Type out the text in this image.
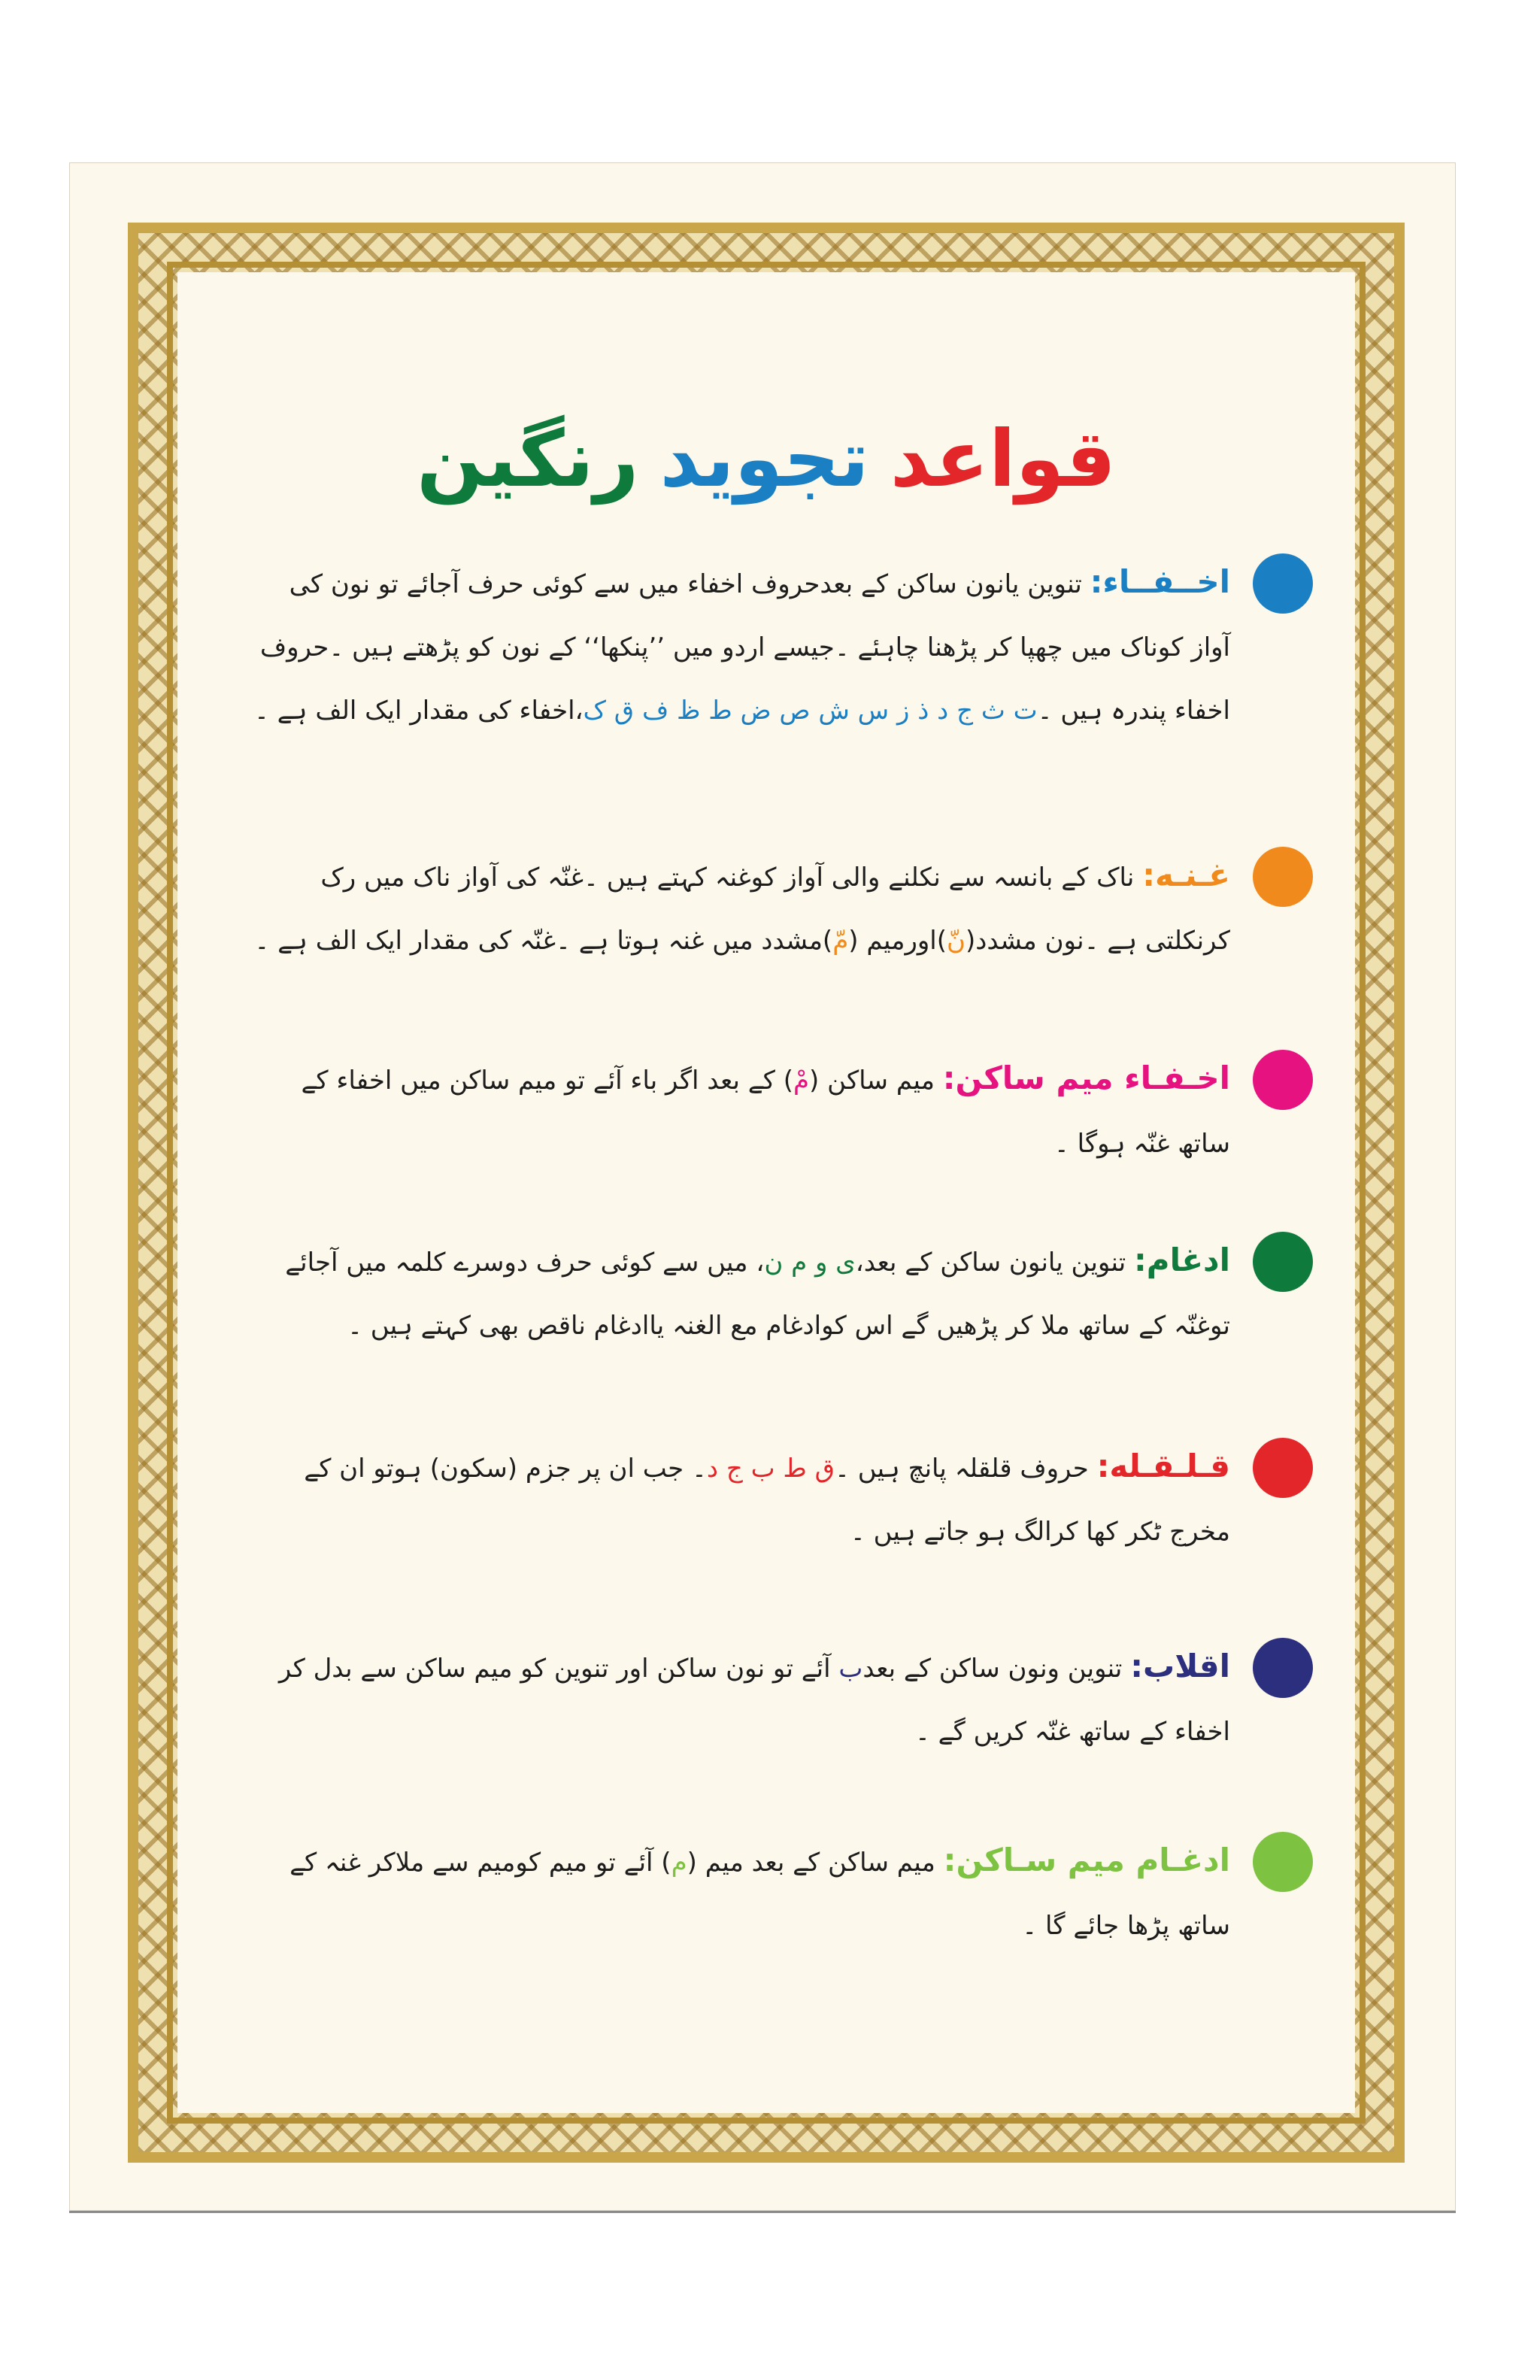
قواعدتجویدرنگین
اخــفــاء: تنوین یانون ساکن کے بعدحروف اخفاء میں سے کوئی حرف آجائے تو نون کی آواز کوناک میں چھپا کر پڑھنا چاہئے ۔جیسے اردو میں ’’پنکھا‘‘ کے نون کو پڑھتے ہیں ۔حروف اخفاء پندرہ ہیں ۔ت ث ج د ذ ز س ش ص ض ط ظ ف ق ک،اخفاء کی مقدار ایک الف ہے ۔
غـنـه: ناک کے بانسہ سے نکلنے والی آواز کوغنہ کہتے ہیں ۔غنّہ کی آواز ناک میں رک کرنکلتی ہے ۔نون مشدد(نّ)اورمیم (مّ)مشدد میں غنہ ہوتا ہے ۔غنّہ کی مقدار ایک الف ہے ۔
اخـفـاء میم ساکن: میم ساکن (مْ) کے بعد اگر باء آئے تو میم ساکن میں اخفاء کے ساتھ غنّہ ہوگا ۔
ادغام: تنوین یانون ساکن کے بعد،ی و م ن، میں سے کوئی حرف دوسرے کلمہ میں آجائے توغنّہ کے ساتھ ملا کر پڑھیں گے اس کوادغام مع الغنہ یاادغام ناقص بھی کہتے ہیں ۔
قـلـقـله: حروف قلقلہ پانچ ہیں ۔ق ط ب ج د۔ جب ان پر جزم (سکون) ہوتو ان کے مخرج ٹکر کھا کرالگ ہو جاتے ہیں ۔
اقلاب: تنوین ونون ساکن کے بعدب آئے تو نون ساکن اور تنوین کو میم ساکن سے بدل کر اخفاء کے ساتھ غنّہ کریں گے ۔
ادغـام میم سـاکن: میم ساکن کے بعد میم (م) آئے تو میم کومیم سے ملاکر غنہ کے ساتھ پڑھا جائے گا ۔
